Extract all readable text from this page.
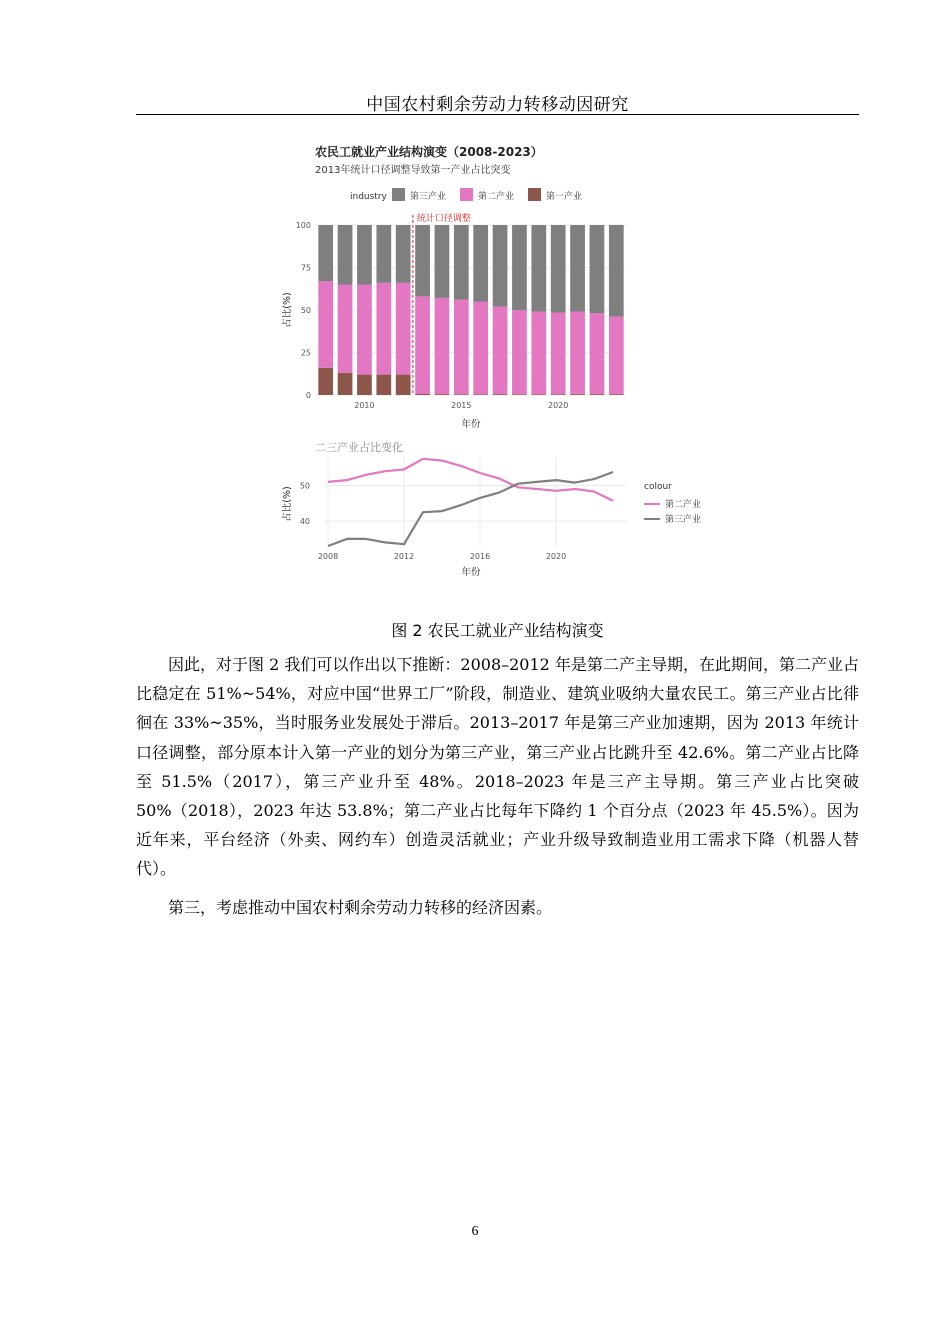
中国农村剩余劳动力转移动因研究
农民工就业产业结构演变（2008-2023）
2013年统计口径调整导致第一产业占比突变
industry	第三产业	第二产业	第一产业
0
25
50
75
100
2010	2015	2020
统计口径调整
年份
占比(%)
二三产业占比变化
40
50
2008	2012	2016	2020
colour
第二产业
第三产业
年份
占比(%)
图 2 农民工就业产业结构演变

因此，对于图 2 我们可以作出以下推断：2008–2012 年是第二产主导期，在此期间，第二产业占比稳定在 51%~54%，对应中国“世界工厂”阶段，制造业、建筑业吸纳大量农民工。第三产业占比徘徊在 33%~35%，当时服务业发展处于滞后。2013–2017 年是第三产业加速期，因为 2013 年统计口径调整，部分原本计入第一产业的划分为第三产业，第三产业占比跳升至 42.6%。第二产业占比降至 51.5%（2017），第三产业升至 48%。2018–2023 年是三产主导期。第三产业占比突破 50%（2018），2023 年达 53.8%；第二产业占比每年下降约 1 个百分点（2023 年 45.5%）。因为近年来，平台经济（外卖、网约车）创造灵活就业；产业升级导致制造业用工需求下降（机器人替代）。

第三，考虑推动中国农村剩余劳动力转移的经济因素。

6
